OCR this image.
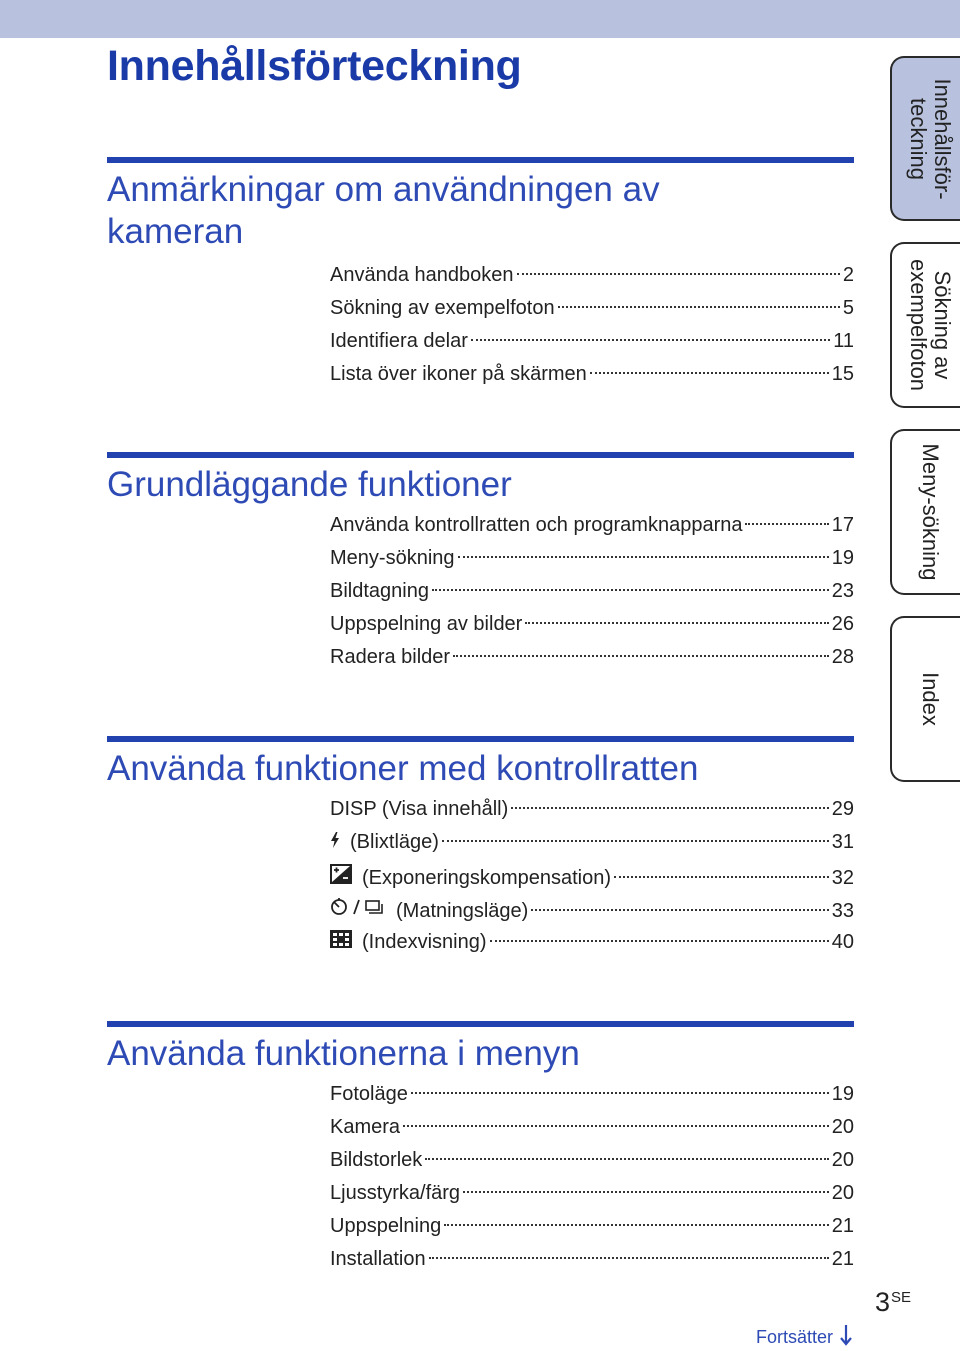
Innehållsförteckning
Anmärkningar om användningen av kameran
Använda handboken	2
Sökning av exempelfoton	5
Identifiera delar	11
Lista över ikoner på skärmen	15
Grundläggande funktioner
Använda kontrollratten och programknapparna	17
Meny-sökning	19
Bildtagning	23
Uppspelning av bilder	26
Radera bilder	28
Använda funktioner med kontrollratten
DISP (Visa innehåll)	29
(Blixtläge)	31
(Exponeringskompensation)	32
(Matningsläge)	33
(Indexvisning)	40
Använda funktionerna i menyn
Fotoläge	19
Kamera	20
Bildstorlek	20
Ljusstyrka/färg	20
Uppspelning	21
Installation	21
Innehållsför-
teckning
Sökning av
exempelfoton
Meny-sökning
Index
$3^{SE}$
Fortsätter
